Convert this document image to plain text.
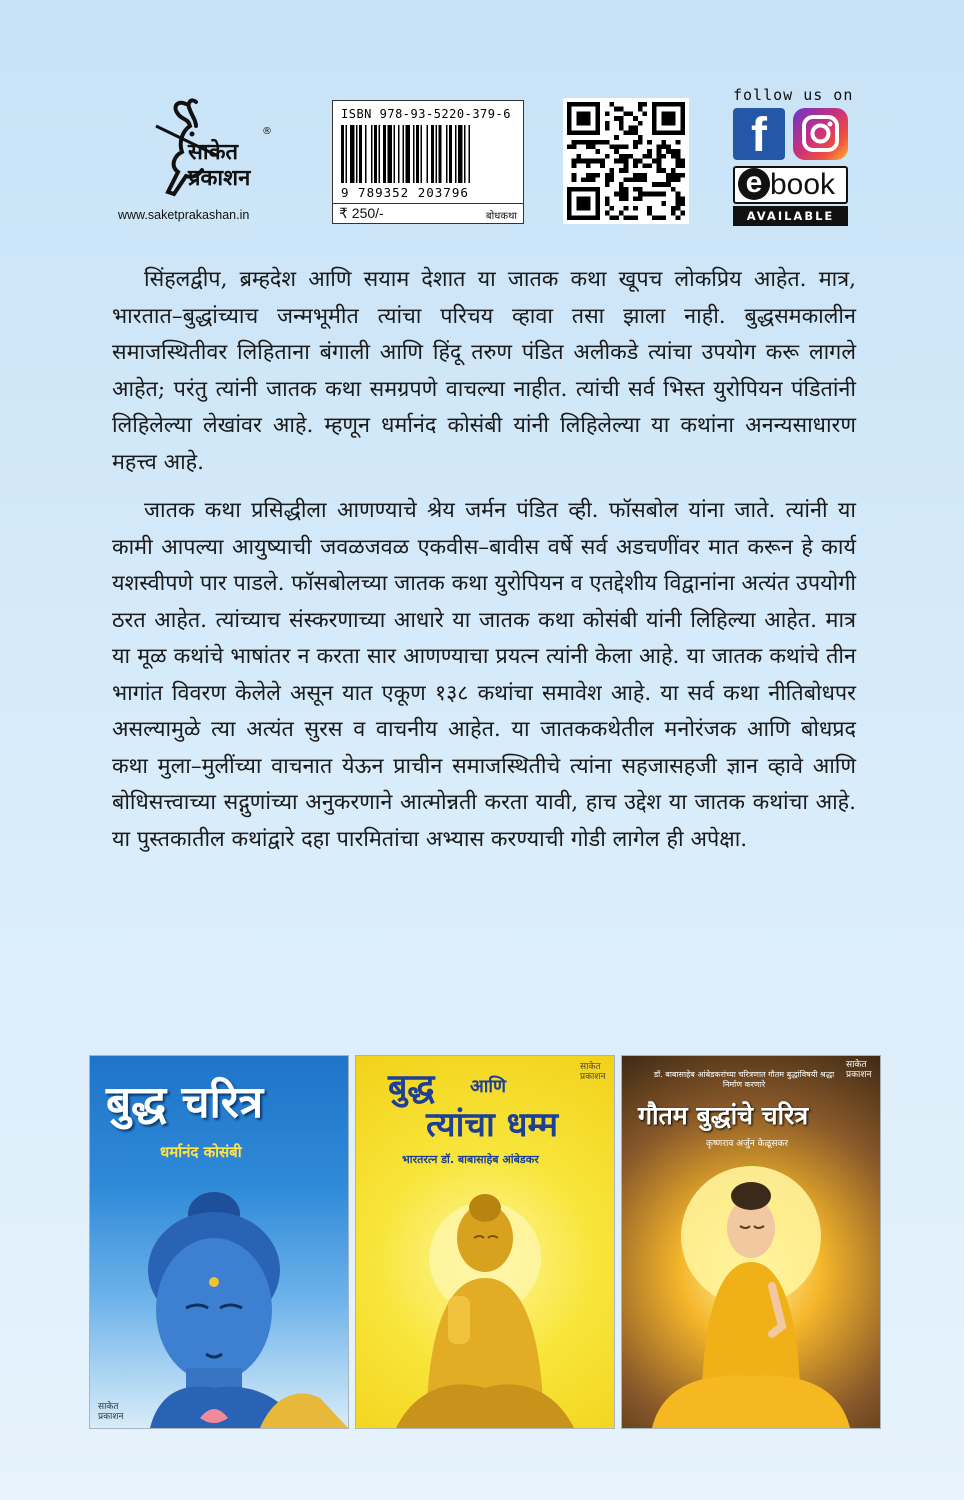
साकेत प्रकाशन
®
www.saketprakashan.in
ISBN 978-93-5220-379-6
9 789352 203796
₹ 250/-	बोधकथा
follow us on
f
e book
AVAILABLE

सिंहलद्वीप, ब्रम्हदेश आणि सयाम देशात या जातक कथा खूपच लोकप्रिय आहेत. मात्र, भारतात–बुद्धांच्याच जन्मभूमीत त्यांचा परिचय व्हावा तसा झाला नाही. बुद्धसमकालीन समाजस्थितीवर लिहिताना बंगाली आणि हिंदू तरुण पंडित अलीकडे त्यांचा उपयोग करू लागले आहेत; परंतु त्यांनी जातक कथा समग्रपणे वाचल्या नाहीत. त्यांची सर्व भिस्त युरोपियन पंडितांनी लिहिलेल्या लेखांवर आहे. म्हणून धर्मानंद कोसंबी यांनी लिहिलेल्या या कथांना अनन्यसाधारण महत्त्व आहे.

जातक कथा प्रसिद्धीला आणण्याचे श्रेय जर्मन पंडित व्ही. फॉसबोल यांना जाते. त्यांनी या कामी आपल्या आयुष्याची जवळजवळ एकवीस–बावीस वर्षे सर्व अडचणींवर मात करून हे कार्य यशस्वीपणे पार पाडले. फॉसबोलच्या जातक कथा युरोपियन व एतद्देशीय विद्वानांना अत्यंत उपयोगी ठरत आहेत. त्यांच्याच संस्करणाच्या आधारे या जातक कथा कोसंबी यांनी लिहिल्या आहेत. मात्र या मूळ कथांचे भाषांतर न करता सार आणण्याचा प्रयत्न त्यांनी केला आहे. या जातक कथांचे तीन भागांत विवरण केलेले असून यात एकूण १३८ कथांचा समावेश आहे. या सर्व कथा नीतिबोधपर असल्यामुळे त्या अत्यंत सुरस व वाचनीय आहेत. या जातककथेतील मनोरंजक आणि बोधप्रद कथा मुला–मुलींच्या वाचनात येऊन प्राचीन समाजस्थितीचे त्यांना सहजासहजी ज्ञान व्हावे आणि बोधिसत्त्वाच्या सद्गुणांच्या अनुकरणाने आत्मोन्नती करता यावी, हाच उद्देश या जातक कथांचा आहे. या पुस्तकातील कथांद्वारे दहा पारमितांचा अभ्यास करण्याची गोडी लागेल ही अपेक्षा.

साकेत प्रकाशन
बुद्ध चरित्र
धर्मानंद कोसंबी
साकेत प्रकाशन
बुद्ध आणि
त्यांचा धम्म
भारतरत्न डॉ. बाबासाहेब आंबेडकर
साकेत प्रकाशन
डॉ. बाबासाहेब आंबेडकरांच्या चरित्रणात गौतम बुद्धांविषयी श्रद्धा निर्माण करणारे
गौतम बुद्धांचे चरित्र
कृष्णराव अर्जुन केळूसकर
